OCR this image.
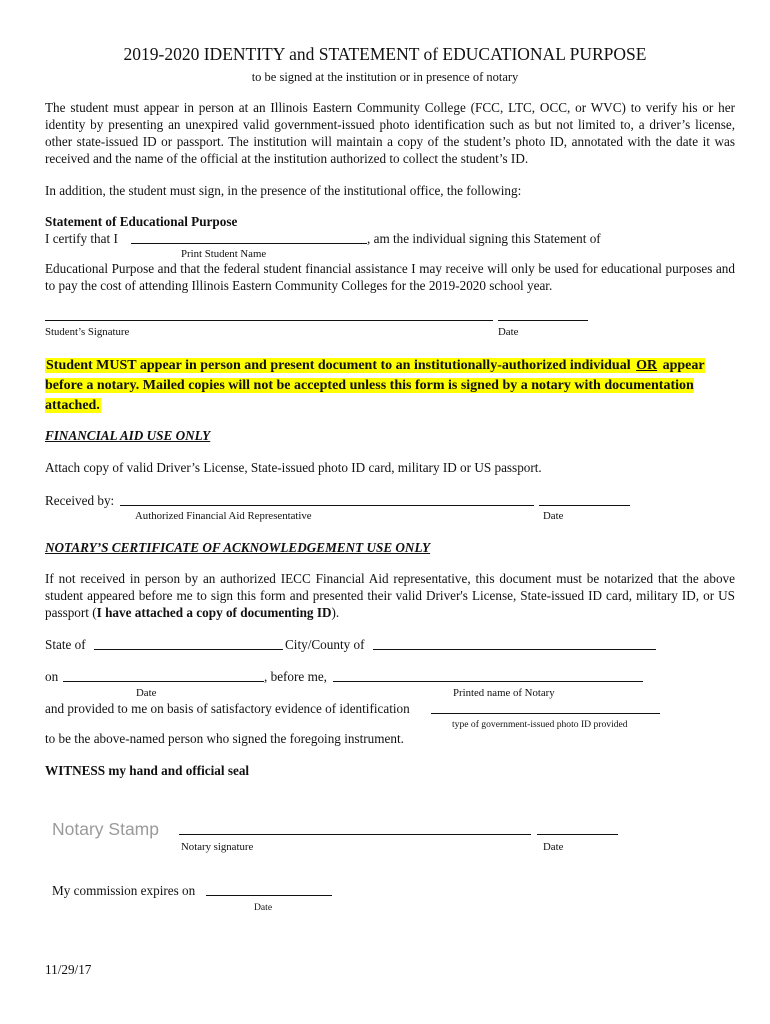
2019-2020 IDENTITY and STATEMENT of EDUCATIONAL PURPOSE
to be signed at the institution or in presence of notary
The student must appear in person at an Illinois Eastern Community College (FCC, LTC, OCC, or WVC) to verify his or her identity by presenting an unexpired valid government-issued photo identification such as but not limited to, a driver’s license, other state-issued ID or passport. The institution will maintain a copy of the student’s photo ID, annotated with the date it was received and the name of the official at the institution authorized to collect the student’s ID.
In addition, the student must sign, in the presence of the institutional office, the following:
Statement of Educational Purpose
I certify that I	, am the individual signing this Statement of
Print Student Name
Educational Purpose and that the federal student financial assistance I may receive will only be used for educational purposes and to pay the cost of attending Illinois Eastern Community Colleges for the 2019-2020 school year.
Student’s Signature	Date
Student MUST appear in person and present document to an institutionally-authorized individual OR appear before a notary. Mailed copies will not be accepted unless this form is signed by a notary with documentation attached.
FINANCIAL AID USE ONLY
Attach copy of valid Driver’s License, State-issued photo ID card, military ID or US passport.
Received by:
Authorized Financial Aid Representative	Date
NOTARY’S CERTIFICATE OF ACKNOWLEDGEMENT USE ONLY
If not received in person by an authorized IECC Financial Aid representative, this document must be notarized that the above student appeared before me to sign this form and presented their valid Driver's License, State-issued ID card, military ID, or US passport (I have attached a copy of documenting ID).
State of	City/County of
on	, before me,
Date	Printed name of Notary
and provided to me on basis of satisfactory evidence of identification
type of government-issued photo ID provided
to be the above-named person who signed the foregoing instrument.
WITNESS my hand and official seal
Notary Stamp
Notary signature	Date
My commission expires on
Date
11/29/17
